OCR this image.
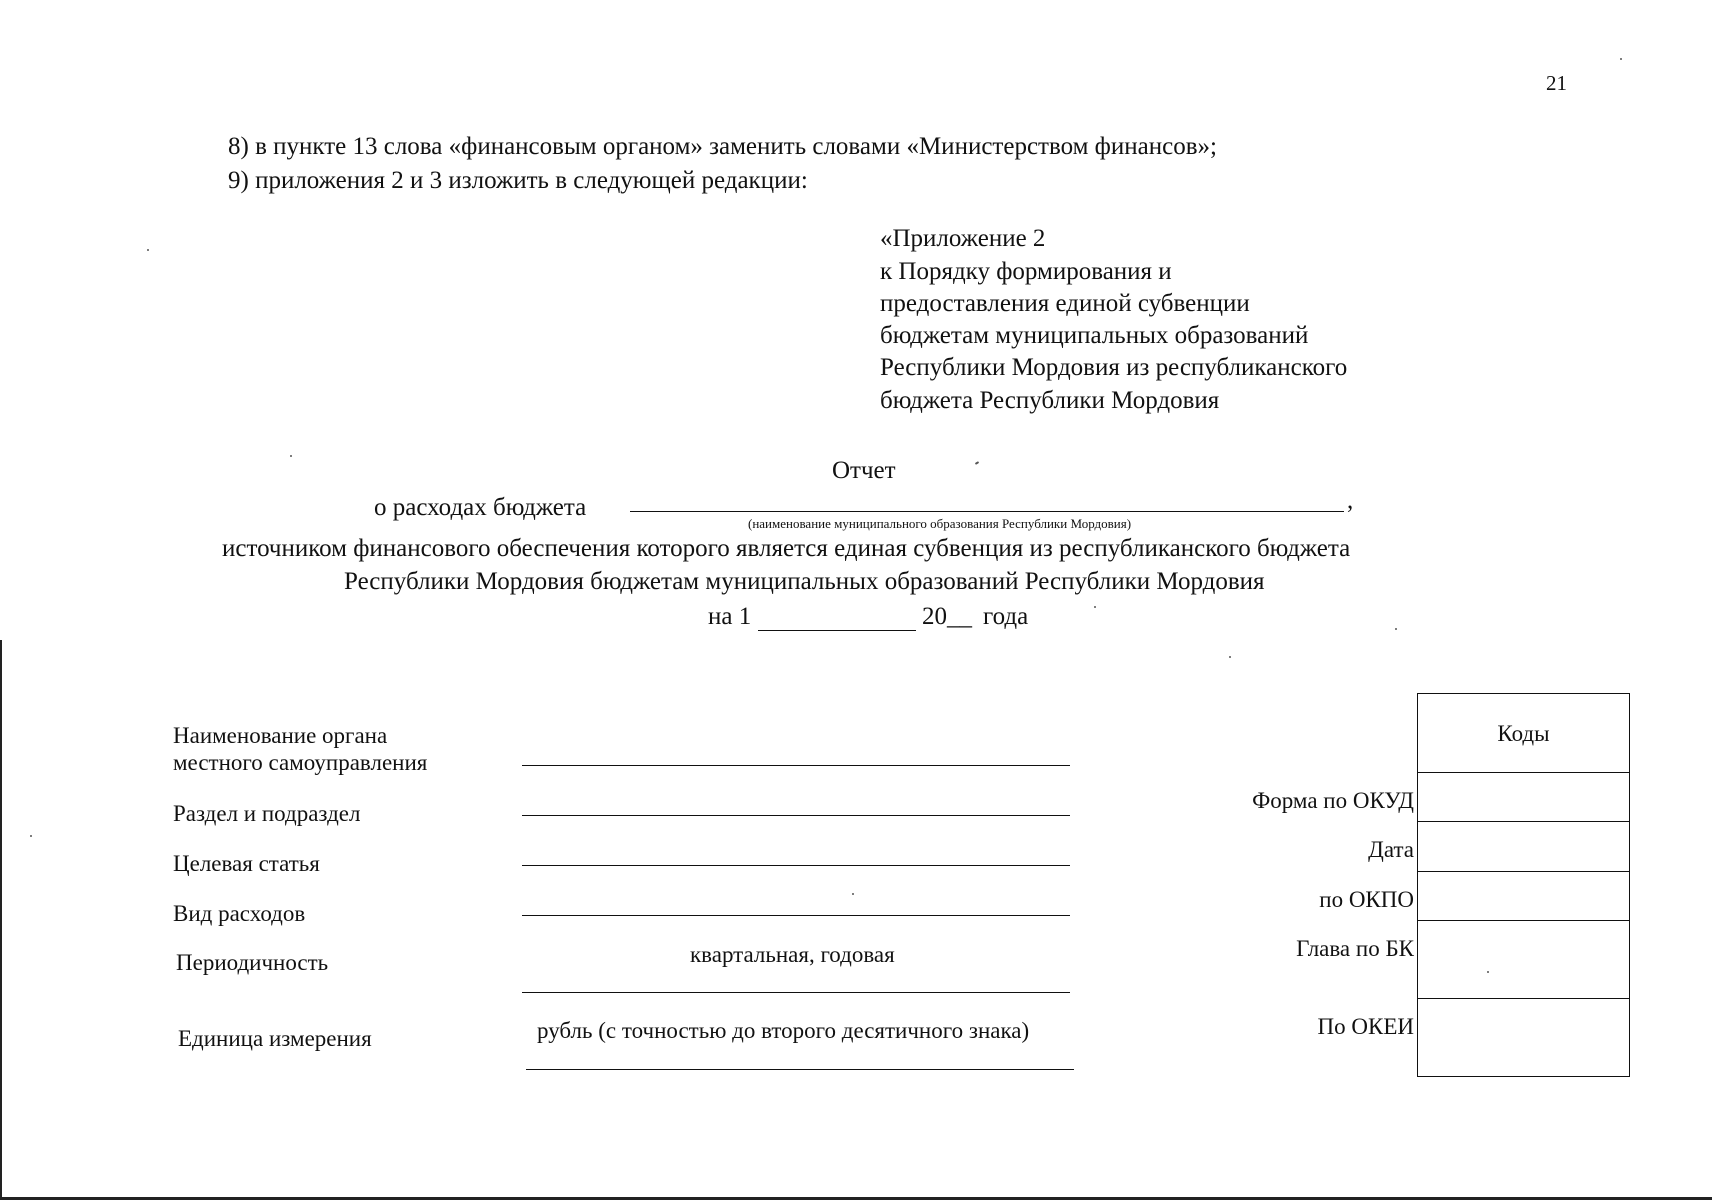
21
8) в пункте 13 слова «финансовым органом» заменить словами «Министерством финансов»;
9) приложения 2 и 3 изложить в следующей редакции:
«Приложение 2
к Порядку формирования и
предоставления единой субвенции
бюджетам муниципальных образований
Республики Мордовия из республиканского
бюджета Республики Мордовия
Отчет
о расходах бюджета	,
(наименование муниципального образования Республики Мордовия)
источником финансового обеспечения которого является единая субвенция из республиканского бюджета
Республики Мордовия бюджетам муниципальных образований Республики Мордовия
на 1	20__ года
Наименование органа
местного самоуправления
Раздел и подраздел
Целевая статья
Вид расходов
Периодичность	квартальная, годовая
Единица измерения	рубль (с точностью до второго десятичного знака)
Коды
Форма по ОКУД
Дата
по ОКПО
Глава по БК
По ОКЕИ
